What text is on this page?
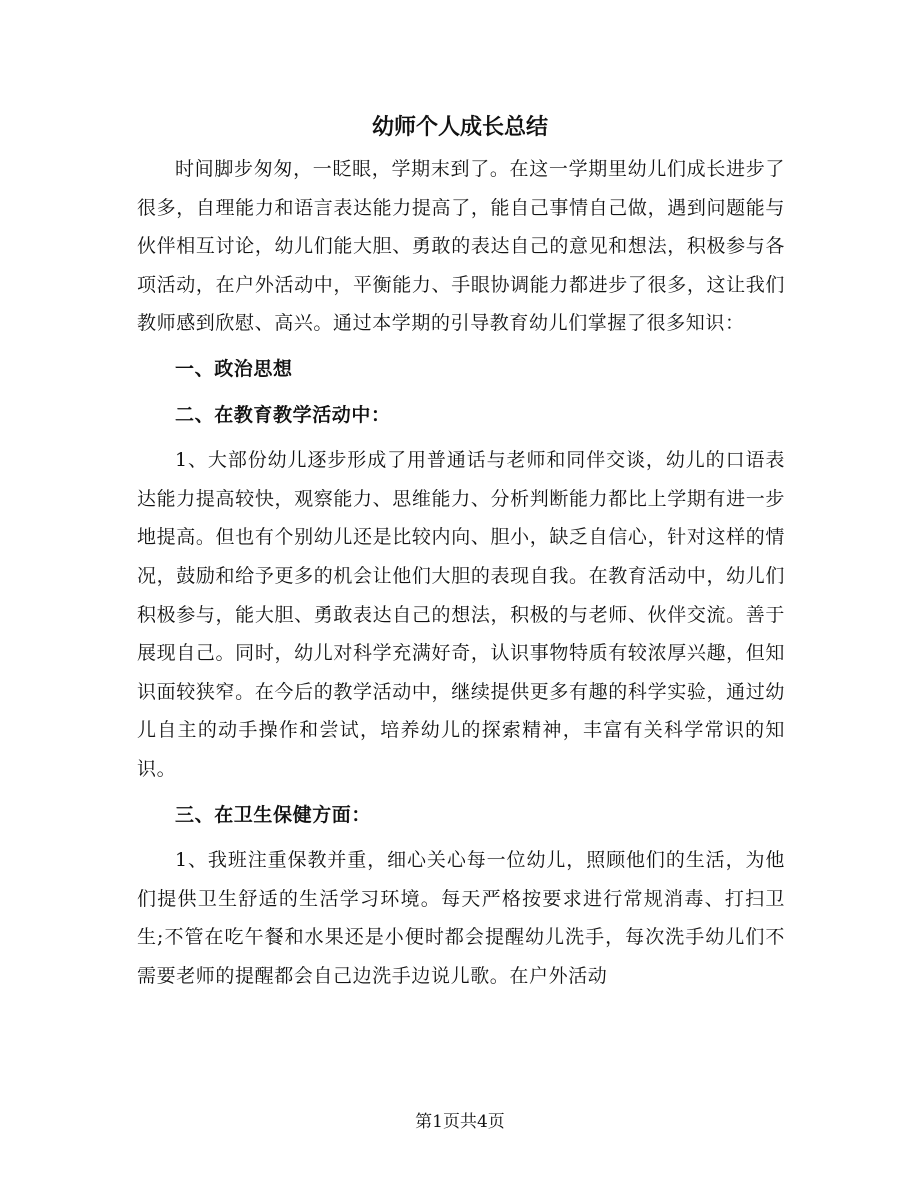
幼师个人成长总结

时间脚步匆匆，一眨眼，学期末到了。在这一学期里幼儿们成长进步了很多，自理能力和语言表达能力提高了，能自己事情自己做，遇到问题能与伙伴相互讨论，幼儿们能大胆、勇敢的表达自己的意见和想法，积极参与各项活动，在户外活动中，平衡能力、手眼协调能力都进步了很多，这让我们教师感到欣慰、高兴。通过本学期的引导教育幼儿们掌握了很多知识：

一、政治思想

二、在教育教学活动中：

1、大部份幼儿逐步形成了用普通话与老师和同伴交谈，幼儿的口语表达能力提高较快，观察能力、思维能力、分析判断能力都比上学期有进一步地提高。但也有个别幼儿还是比较内向、胆小，缺乏自信心，针对这样的情况，鼓励和给予更多的机会让他们大胆的表现自我。在教育活动中，幼儿们积极参与，能大胆、勇敢表达自己的想法，积极的与老师、伙伴交流。善于展现自己。同时，幼儿对科学充满好奇，认识事物特质有较浓厚兴趣，但知识面较狭窄。在今后的教学活动中，继续提供更多有趣的科学实验，通过幼儿自主的动手操作和尝试，培养幼儿的探索精神，丰富有关科学常识的知识。

三、在卫生保健方面：

1、我班注重保教并重，细心关心每一位幼儿，照顾他们的生活，为他们提供卫生舒适的生活学习环境。每天严格按要求进行常规消毒、打扫卫生;不管在吃午餐和水果还是小便时都会提醒幼儿洗手，每次洗手幼儿们不需要老师的提醒都会自己边洗手边说儿歌。在户外活动

第1页共4页
